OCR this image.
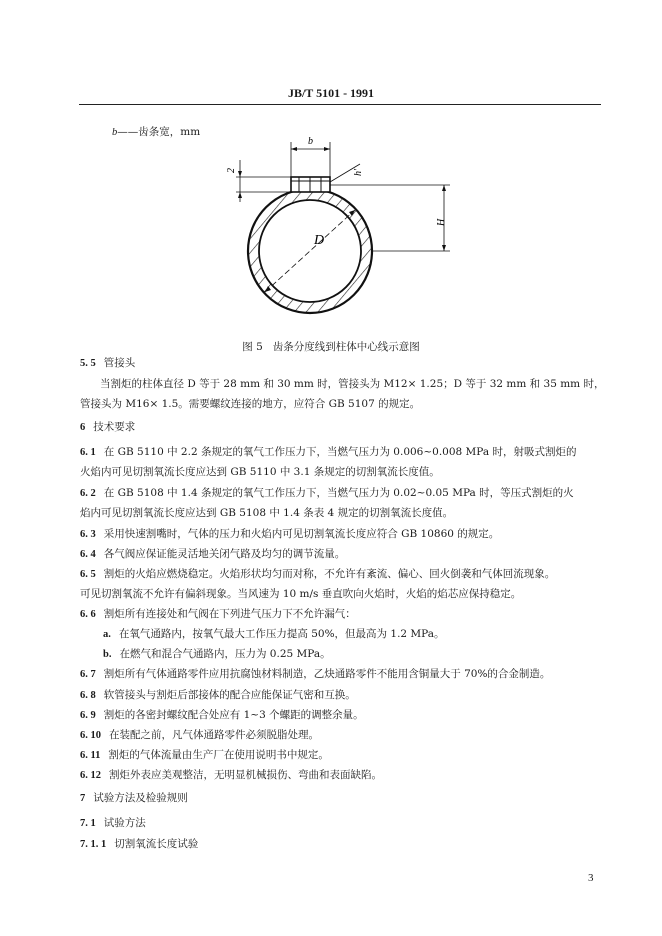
JB/T 5101 - 1991
b——齿条宽，mm
b
2	h'
H
D
图 5 齿条分度线到柱体中心线示意图
5. 5 管接头
当割炬的柱体直径 D 等于 28 mm 和 30 mm 时，管接头为 M12× 1.25；D 等于 32 mm 和 35 mm 时，
管接头为 M16× 1.5。需要螺纹连接的地方，应符合 GB 5107 的规定。
6 技术要求
6. 1 在 GB 5110 中 2.2 条规定的氧气工作压力下，当燃气压力为 0.006~0.008 MPa 时，射吸式割炬的
火焰内可见切割氧流长度应达到 GB 5110 中 3.1 条规定的切割氧流长度值。
6. 2 在 GB 5108 中 1.4 条规定的氧气工作压力下，当燃气压力为 0.02~0.05 MPa 时，等压式割炬的火
焰内可见切割氧流长度应达到 GB 5108 中 1.4 条表 4 规定的切割氧流长度值。
6. 3 采用快速割嘴时，气体的压力和火焰内可见切割氧流长度应符合 GB 10860 的规定。
6. 4 各气阀应保证能灵活地关闭气路及均匀的调节流量。
6. 5 割炬的火焰应燃烧稳定。火焰形状均匀而对称，不允许有紊流、偏心、回火倒袭和气体回流现象。
可见切割氧流不允许有偏斜现象。当风速为 10 m/s 垂直吹向火焰时，火焰的焰芯应保持稳定。
6. 6 割炬所有连接处和气阀在下列进气压力下不允许漏气：
a. 在氧气通路内，按氧气最大工作压力提高 50%，但最高为 1.2 MPa。
b. 在燃气和混合气通路内，压力为 0.25 MPa。
6. 7 割炬所有气体通路零件应用抗腐蚀材料制造，乙炔通路零件不能用含铜量大于 70%的合金制造。
6. 8 软管接头与割炬后部接体的配合应能保证气密和互换。
6. 9 割炬的各密封螺纹配合处应有 1~3 个螺距的调整余量。
6. 10 在装配之前，凡气体通路零件必须脱脂处理。
6. 11 割炬的气体流量由生产厂在使用说明书中规定。
6. 12 割炬外表应美观整洁，无明显机械损伤、弯曲和表面缺陷。
7 试验方法及检验规则
7. 1 试验方法
7. 1. 1 切割氧流长度试验
3
